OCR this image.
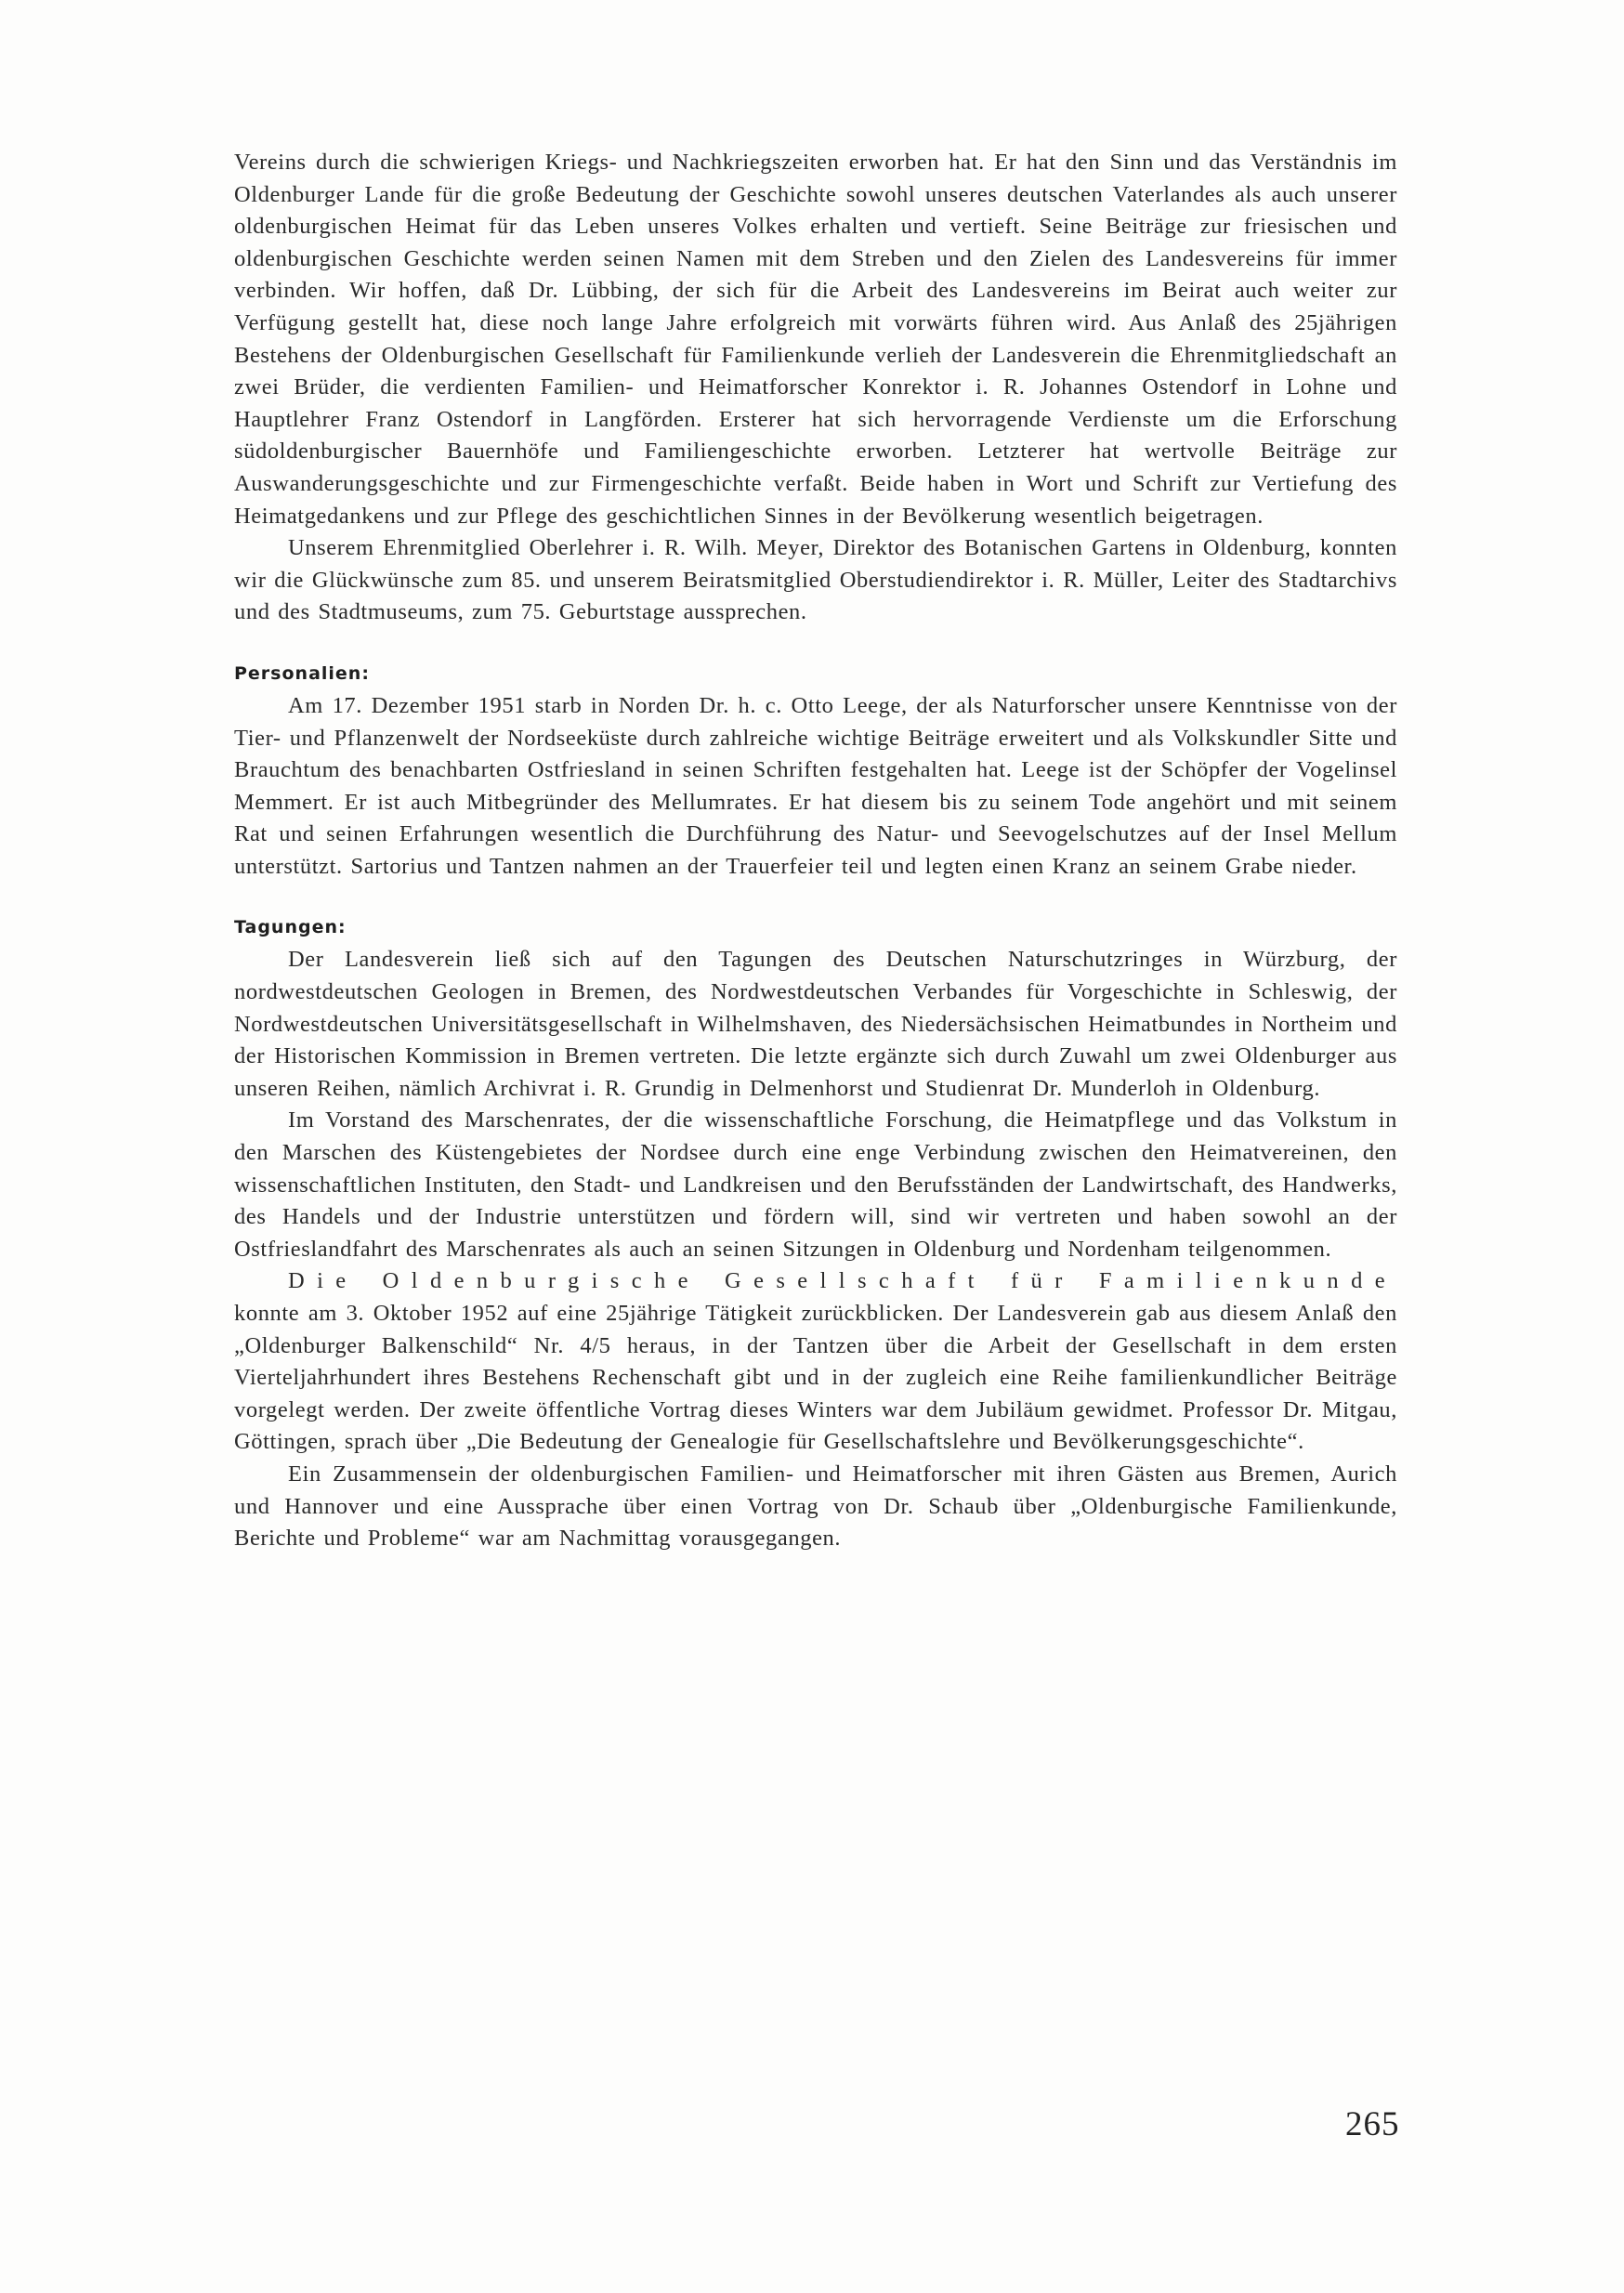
Vereins durch die schwierigen Kriegs- und Nachkriegszeiten erworben hat. Er hat den Sinn und das Verständnis im Oldenburger Lande für die große Bedeutung der Geschichte sowohl unseres deutschen Vaterlandes als auch unserer oldenburgischen Heimat für das Leben unseres Volkes erhalten und vertieft. Seine Beiträge zur friesischen und oldenburgischen Geschichte werden seinen Namen mit dem Streben und den Zielen des Landesvereins für immer verbinden. Wir hoffen, daß Dr. Lübbing, der sich für die Arbeit des Landesvereins im Beirat auch weiter zur Verfügung gestellt hat, diese noch lange Jahre erfolgreich mit vorwärts führen wird. Aus Anlaß des 25jährigen Bestehens der Oldenburgischen Gesellschaft für Familienkunde verlieh der Landesverein die Ehrenmitgliedschaft an zwei Brüder, die verdienten Familien- und Heimatforscher Konrektor i. R. Johannes Ostendorf in Lohne und Hauptlehrer Franz Ostendorf in Langförden. Ersterer hat sich hervorragende Verdienste um die Erforschung südoldenburgischer Bauernhöfe und Familiengeschichte erworben. Letzterer hat wertvolle Beiträge zur Auswanderungsgeschichte und zur Firmengeschichte verfaßt. Beide haben in Wort und Schrift zur Vertiefung des Heimatgedankens und zur Pflege des geschichtlichen Sinnes in der Bevölkerung wesentlich beigetragen.

Unserem Ehrenmitglied Oberlehrer i. R. Wilh. Meyer, Direktor des Botanischen Gartens in Oldenburg, konnten wir die Glückwünsche zum 85. und unserem Beiratsmitglied Oberstudiendirektor i. R. Müller, Leiter des Stadtarchivs und des Stadtmuseums, zum 75. Geburtstage aussprechen.

Personalien:

Am 17. Dezember 1951 starb in Norden Dr. h. c. Otto Leege, der als Naturforscher unsere Kenntnisse von der Tier- und Pflanzenwelt der Nordseeküste durch zahlreiche wichtige Beiträge erweitert und als Volkskundler Sitte und Brauchtum des benachbarten Ostfriesland in seinen Schriften festgehalten hat. Leege ist der Schöpfer der Vogelinsel Memmert. Er ist auch Mitbegründer des Mellumrates. Er hat diesem bis zu seinem Tode angehört und mit seinem Rat und seinen Erfahrungen wesentlich die Durchführung des Natur- und Seevogelschutzes auf der Insel Mellum unterstützt. Sartorius und Tantzen nahmen an der Trauerfeier teil und legten einen Kranz an seinem Grabe nieder.

Tagungen:

Der Landesverein ließ sich auf den Tagungen des Deutschen Naturschutzringes in Würzburg, der nordwestdeutschen Geologen in Bremen, des Nordwestdeutschen Verbandes für Vorgeschichte in Schleswig, der Nordwestdeutschen Universitätsgesellschaft in Wilhelmshaven, des Niedersächsischen Heimatbundes in Northeim und der Historischen Kommission in Bremen vertreten. Die letzte ergänzte sich durch Zuwahl um zwei Oldenburger aus unseren Reihen, nämlich Archivrat i. R. Grundig in Delmenhorst und Studienrat Dr. Munderloh in Oldenburg.

Im Vorstand des Marschenrates, der die wissenschaftliche Forschung, die Heimatpflege und das Volkstum in den Marschen des Küstengebietes der Nordsee durch eine enge Verbindung zwischen den Heimatvereinen, den wissenschaftlichen Instituten, den Stadt- und Landkreisen und den Berufsständen der Landwirtschaft, des Handwerks, des Handels und der Industrie unterstützen und fördern will, sind wir vertreten und haben sowohl an der Ostfrieslandfahrt des Marschenrates als auch an seinen Sitzungen in Oldenburg und Nordenham teilgenommen.

Die Oldenburgische Gesellschaft für Familienkunde konnte am 3. Oktober 1952 auf eine 25jährige Tätigkeit zurückblicken. Der Landesverein gab aus diesem Anlaß den „Oldenburger Balkenschild“ Nr. 4/5 heraus, in der Tantzen über die Arbeit der Gesellschaft in dem ersten Vierteljahrhundert ihres Bestehens Rechenschaft gibt und in der zugleich eine Reihe familienkundlicher Beiträge vorgelegt werden. Der zweite öffentliche Vortrag dieses Winters war dem Jubiläum gewidmet. Professor Dr. Mitgau, Göttingen, sprach über „Die Bedeutung der Genealogie für Gesellschaftslehre und Bevölkerungsgeschichte“.

Ein Zusammensein der oldenburgischen Familien- und Heimatforscher mit ihren Gästen aus Bremen, Aurich und Hannover und eine Aussprache über einen Vortrag von Dr. Schaub über „Oldenburgische Familienkunde, Berichte und Probleme“ war am Nachmittag vorausgegangen.

265
